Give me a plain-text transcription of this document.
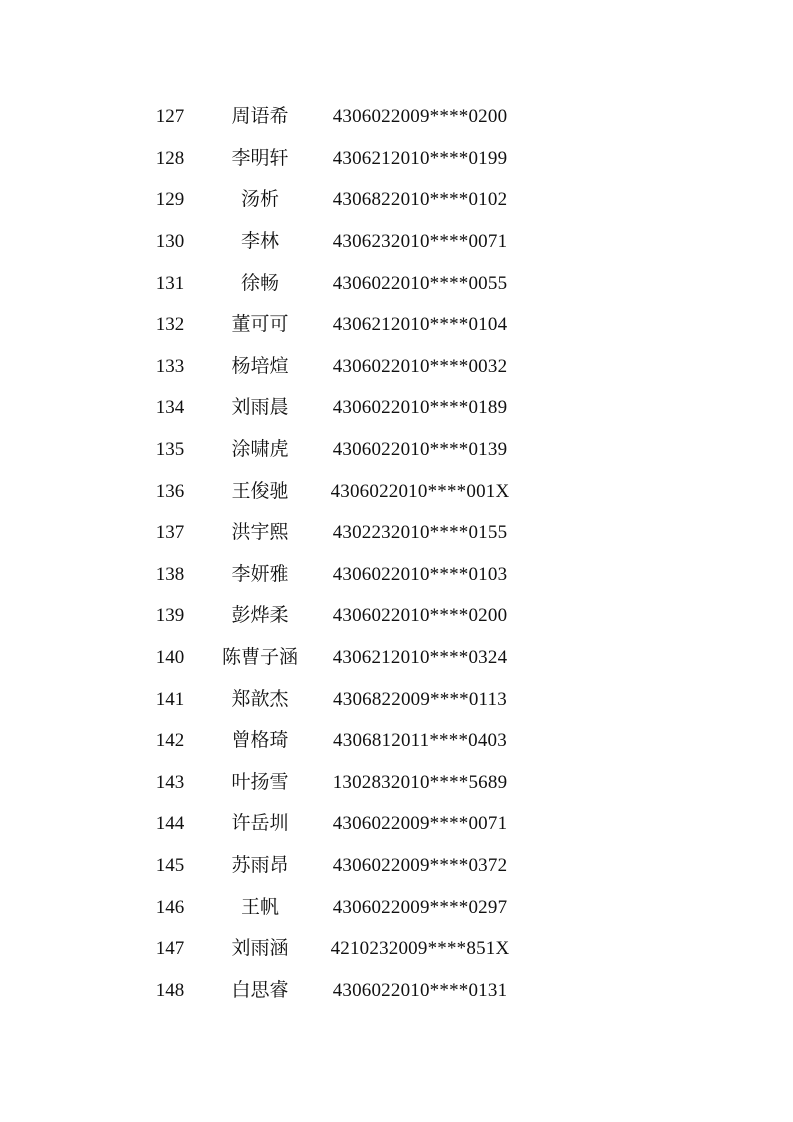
127	周语希	4306022009****0200
128	李明轩	4306212010****0199
129	汤析	4306822010****0102
130	李林	4306232010****0071
131	徐畅	4306022010****0055
132	董可可	4306212010****0104
133	杨培煊	4306022010****0032
134	刘雨晨	4306022010****0189
135	涂啸虎	4306022010****0139
136	王俊驰	4306022010****001X
137	洪宇熙	4302232010****0155
138	李妍雅	4306022010****0103
139	彭烨柔	4306022010****0200
140	陈曹子涵	4306212010****0324
141	郑歆杰	4306822009****0113
142	曾格琦	4306812011****0403
143	叶扬雪	1302832010****5689
144	许岳圳	4306022009****0071
145	苏雨昂	4306022009****0372
146	王帆	4306022009****0297
147	刘雨涵	4210232009****851X
148	白思睿	4306022010****0131
